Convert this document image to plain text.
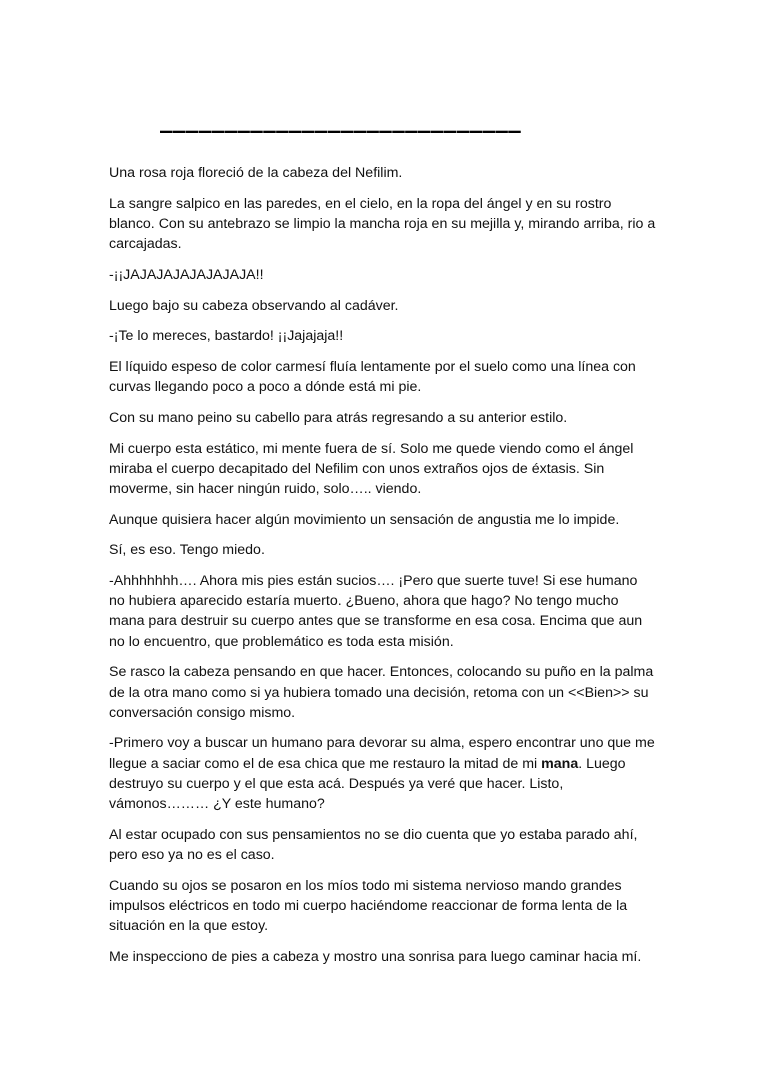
____________________________

Una rosa roja floreció de la cabeza del Nefilim.

La sangre salpico en las paredes, en el cielo, en la ropa del ángel y en su rostro blanco. Con su antebrazo se limpio la mancha roja en su mejilla y, mirando arriba, rio a carcajadas.

-¡¡JAJAJAJAJAJAJAJA!!

Luego bajo su cabeza observando al cadáver.

-¡Te lo mereces, bastardo! ¡¡Jajajaja!!

El líquido espeso de color carmesí fluía lentamente por el suelo como una línea con curvas llegando poco a poco a dónde está mi pie.

Con su mano peino su cabello para atrás regresando a su anterior estilo.

Mi cuerpo esta estático, mi mente fuera de sí. Solo me quede viendo como el ángel miraba el cuerpo decapitado del Nefilim con unos extraños ojos de éxtasis. Sin moverme, sin hacer ningún ruido, solo….. viendo.

Aunque quisiera hacer algún movimiento un sensación de angustia me lo impide.

Sí, es eso. Tengo miedo.

-Ahhhhhhh…. Ahora mis pies están sucios…. ¡Pero que suerte tuve! Si ese humano no hubiera aparecido estaría muerto. ¿Bueno, ahora que hago? No tengo mucho mana para destruir su cuerpo antes que se transforme en esa cosa. Encima que aun no lo encuentro, que problemático es toda esta misión.

Se rasco la cabeza pensando en que hacer. Entonces, colocando su puño en la palma de la otra mano como si ya hubiera tomado una decisión, retoma con un <<Bien>> su conversación consigo mismo.

-Primero voy a buscar un humano para devorar su alma, espero encontrar uno que me llegue a saciar como el de esa chica que me restauro la mitad de mi mana. Luego destruyo su cuerpo y el que esta acá. Después ya veré que hacer. Listo, vámonos……… ¿Y este humano?

Al estar ocupado con sus pensamientos no se dio cuenta que yo estaba parado ahí, pero eso ya no es el caso.

Cuando su ojos se posaron en los míos todo mi sistema nervioso mando grandes impulsos eléctricos en todo mi cuerpo haciéndome reaccionar de forma lenta de la situación en la que estoy.

Me inspecciono de pies a cabeza y mostro una sonrisa para luego caminar hacia mí.
